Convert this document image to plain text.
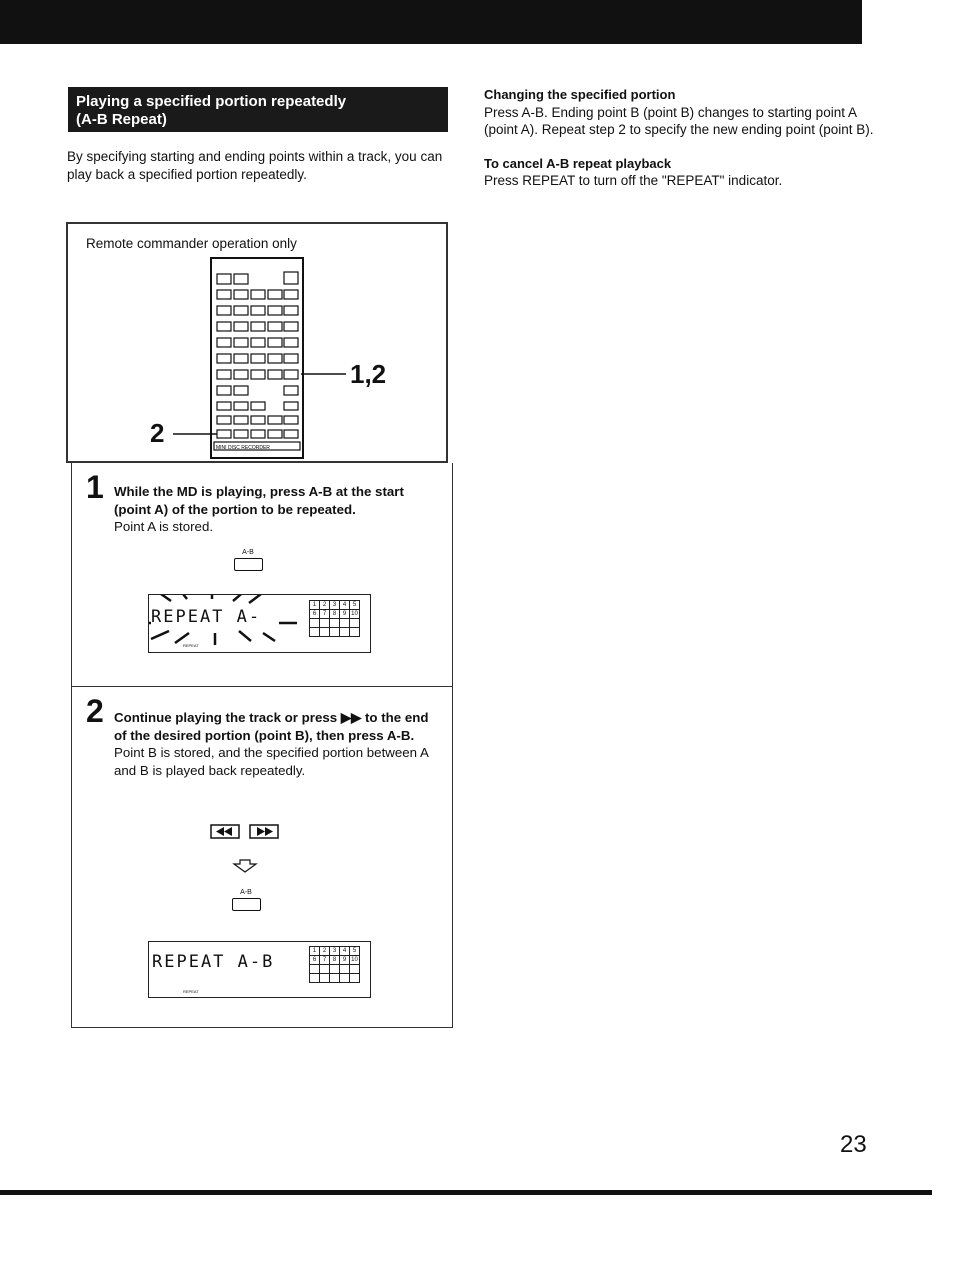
Playing a specified portion repeatedly
(A-B Repeat)
By specifying starting and ending points within a track, you can play back a specified portion repeatedly.
Changing the specified portion

Press A-B. Ending point B (point B) changes to starting point A (point A). Repeat step 2 to specify the new ending point (point B).

To cancel A-B repeat playback

Press REPEAT to turn off the "REPEAT" indicator.

Remote commander operation only
MINI DISC RECORDER
1,2
2
1 While the MD is playing, press A-B at the start (point A) of the portion to be repeated.
Point A is stored.
A-B
REPEAT A-
REPEAT
1	2	3	4	5
6	7	8	9	10

2 Continue playing the track or press ▶▶ to the end of the desired portion (point B), then press A-B.
Point B is stored, and the specified portion between A and B is played back repeatedly.
A-B
REPEAT A-B
REPEAT
1	2	3	4	5
6	7	8	9	10

23
